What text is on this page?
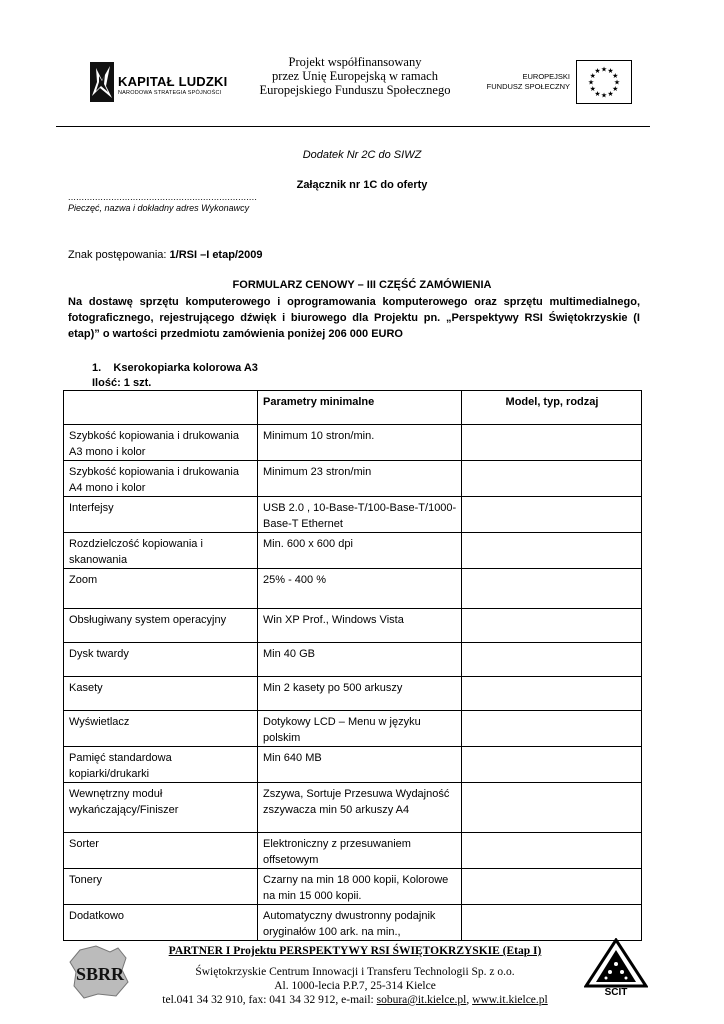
KAPITAŁ LUDZKI
NARODOWA STRATEGIA SPÓJNOŚCI
Projekt współfinansowany
przez Unię Europejską w ramach
Europejskiego Funduszu Społecznego
EUROPEJSKI
FUNDUSZ SPOŁECZNY	★
★
★
★
★
★
★
★
★ ★ ★
★
Dodatek Nr 2C do SIWZ
Załącznik nr 1C do oferty
......................................................................
Pieczęć, nazwa i dokładny adres Wykonawcy
Znak postępowania: 1/RSI –I etap/2009
FORMULARZ CENOWY – III CZĘŚĆ ZAMÓWIENIA
Na dostawę sprzętu komputerowego i oprogramowania komputerowego oraz sprzętu multimedialnego, fotograficznego, rejestrującego dźwięk i biurowego dla Projektu pn. „Perspektywy RSI Świętokrzyskie (I etap)” o wartości przedmiotu zamówienia poniżej 206 000 EURO
1. Kserokopiarka kolorowa A3
Ilość: 1 szt.
	Parametry minimalne	Model, typ, rodzaj
Szybkość kopiowania i drukowania A3 mono i kolor	Minimum 10 stron/min.	
Szybkość kopiowania i drukowania A4 mono i kolor	Minimum 23 stron/min	
Interfejsy	USB 2.0 , 10-Base-T/100-Base-T/1000-Base-T Ethernet	
Rozdzielczość kopiowania i skanowania	Min. 600 x 600 dpi	
Zoom	25% - 400 %	
Obsługiwany system operacyjny	Win XP Prof., Windows Vista	
Dysk twardy	Min 40 GB	
Kasety	Min 2 kasety po 500 arkuszy	
Wyświetlacz	Dotykowy LCD – Menu w języku polskim	
Pamięć standardowa kopiarki/drukarki	Min 640 MB	
Wewnętrzny moduł wykańczający/Finiszer	Zszywa, Sortuje Przesuwa Wydajność zszywacza min 50 arkuszy A4	
Sorter	Elektroniczny z przesuwaniem offsetowym	
Tonery	Czarny na min 18 000 kopii, Kolorowe na min 15 000 kopii.	
Dodatkowo	Automatyczny dwustronny podajnik oryginałów 100 ark. na min.,	
SBRR
PARTNER I Projektu PERSPEKTYWY RSI ŚWIĘTOKRZYSKIE (Etap I)
Świętokrzyskie Centrum Innowacji i Transferu Technologii Sp. z o.o.
Al. 1000-lecia P.P.7, 25-314 Kielce
tel.041 34 32 910, fax: 041 34 32 912, e-mail: sobura@it.kielce.pl, www.it.kielce.pl
ŚCIT
